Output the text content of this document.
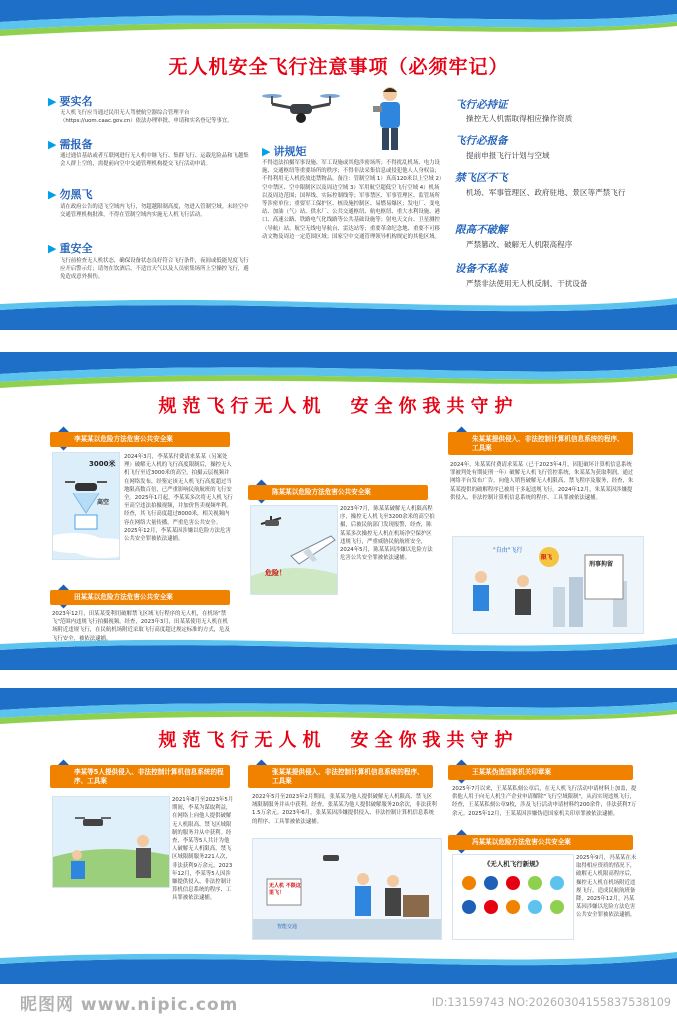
无人机安全飞行注意事项（必须牢记）
▶ 要实名
无人机飞行应当通过民用无人驾驶航空器综合管理平台（https://uom.caac.gov.cn）依法办理审批、申请和实名登记等事宜。
▶ 需报备
通过通信基站或者互联网进行无人机中继飞行、集群飞行、运载危险品和飞越集会人群上空的，需提前向空中交通管理机构提交飞行活动申请。
▶ 勿黑飞
请在政府公告的适飞空域内飞行，勿超越限制高度，勿进入管制空域。未经空中交通管理机构批准，不得在管制空域内实施无人机飞行活动。
▶ 重安全
飞行前检查无人机状态，确保设备状态良好符合飞行条件，夜间或低能见度飞行应开启警示灯；请勿在饮酒后、不适宜天气以及人员密集场所上空操控飞行，避免造成意外损伤。
▶ 讲规矩
不得违法拍摄军事设施、军工设施或其他涉密场所；不得扰乱机场、电力设施、交通枢纽等重要场所的秩序；不得非法采集信息或侵犯他人人身权益；不得利用无人机投放违禁物品。备注：管制空域 1）真高120米以上空域 2）空中禁区、空中限制区以及周边空域 3）军用航空超低空飞行空域 4）机场以及周边范围；国界线、实际控制线等；军事禁区、军事管理区、监管场所等涉密单位；重要军工保护区、核设施控制区、易燃易爆区；发电厂、变电站、加油（气）站、供水厂、公共交通枢纽、航电枢纽、重大水利设施、港口、高速公路、铁路电气化线路等公共基础设施等；射电天文台、卫星测控（导航）站、航空无线电导航台、雷达站等；重要革命纪念地、重要不可移动文物及周边一定范围区域；国家空中交通管理领导机构规定的其他区域。
飞行必持证
操控无人机需取得相应操作资质
飞行必报备
提前申报飞行计划与空域
禁飞区不飞
机场、军事管理区、政府驻地、景区等严禁飞行
限高不破解
严禁篡改、破解无人机限高程序
设备不私装
严禁非法使用无人机反制、干扰设备
规范飞行无人机　安全你我共守护
李某某以危险方法危害公共安全案
3000米
高空
2024年3月，李某某付费请来某某（另案处理）破解无人机的飞行高度限制后，操控无人机飞行至近3000米的高空，拍摄云层视频并在网络发布，经鉴定该无人机飞行高度超过当地限高数百倍，已严重影响民航航班的飞行安全。2025年1月起，李某某多次将无人机飞行至高空违法拍摄视频，并加价售卖视频牟利。经查，其飞行高度超过8000米，相关视频内容在网络大量传播，严重危害公共安全。2025年12月，李某某因涉嫌以危险方法危害公共安全罪被依法逮捕。
田某某以危险方法危害公共安全案
2023年12月，田某某受利用破解禁飞区域飞行程序的无人机，在机场"禁飞"范围内违规飞行拍摄视频，经查，2023年3月，田某某使用无人机在机场附近违规飞行，在民航机场附近采取飞行高度超过规定标准的方式，危及飞行安全，被依法逮捕。
陈某某以危险方法危害公共安全案
危险！
2023年7月，陈某某破解无人机限高程序，操控无人机飞至3200余米的高空拍摄，后被民航部门发现报警，经查，陈某某多次操控无人机在机场净空保护区违规飞行，严重威胁民航航班安全，2024年5月，陈某某因涉嫌以危险方法危害公共安全罪被依法逮捕。
朱某某提供侵入、非法控制计算机信息系统的程序、工具案
2024年，朱某某付费请求某某（已于2023年4月，因犯破坏计算机信息系统罪被判处有期徒刑一年）破解无人机飞行管控系统，朱某某为获取利润，通过网络平台发布广告，向他人销售破解无人机限高、禁飞程序及服务，经查，朱某某提供的破解程序已被用于多起违规飞行。2024年12月，朱某某因涉嫌提供侵入、非法控制计算机信息系统的程序、工具罪被依法逮捕。
"自由"飞行
限飞
刑事拘留
规范飞行无人机　安全你我共守护
李某等5人提供侵入、非法控制计算机信息系统的程序、工具案
2021年8月至2023年5月期间，李某为谋取利益，在网络上向他人提供破解无人机限高、禁飞区域限制的服务并从中获利。经查，李某等5人共计为他人破解无人机限高、禁飞区域限制服务221人次，非法获利9万余元。2023年12月，李某等5人因涉嫌提供侵入、非法控制计算机信息系统的程序、工具罪被依法逮捕。
张某某提供侵入、非法控制计算机信息系统的程序、工具案
2022年5月至2023年2月期间，张某某为他人提供破解无人机限高、禁飞区域限制服务并从中获利。经查，张某某为他人提供破解服务20余次，非法获利1.5万余元。2023年6月，张某某因涉嫌提供侵入、非法控制计算机信息系统的程序、工具罪被依法逮捕。
无人机 不限这里飞！
智能交通
王某某伪造国家机关印章案
2025年7月以来，王某某私刻公章后，在无人机飞行活动申请材料上加盖，提供他人用于向无人机生产企业申请解除"飞行空域限制"，从而实现违规飞行，经查，王某某私刻公章9枚，涉及飞行活动申请材料约200余件，非法获利7万余元。2025年12月，王某某因涉嫌伪造国家机关印章罪被依法逮捕。
冯某某以危险方法危害公共安全案
《无人机飞行新规》
2025年9月，冯某某在未取得相应资质的情况下，破解无人机限高程序后，操控无人机在机场附近违规飞行，造成民航航班备降，2025年12月，冯某某因涉嫌以危险方法危害公共安全罪被依法逮捕。
昵图网 www.nipic.com	ID:13159743 NO:20260304155837538109
